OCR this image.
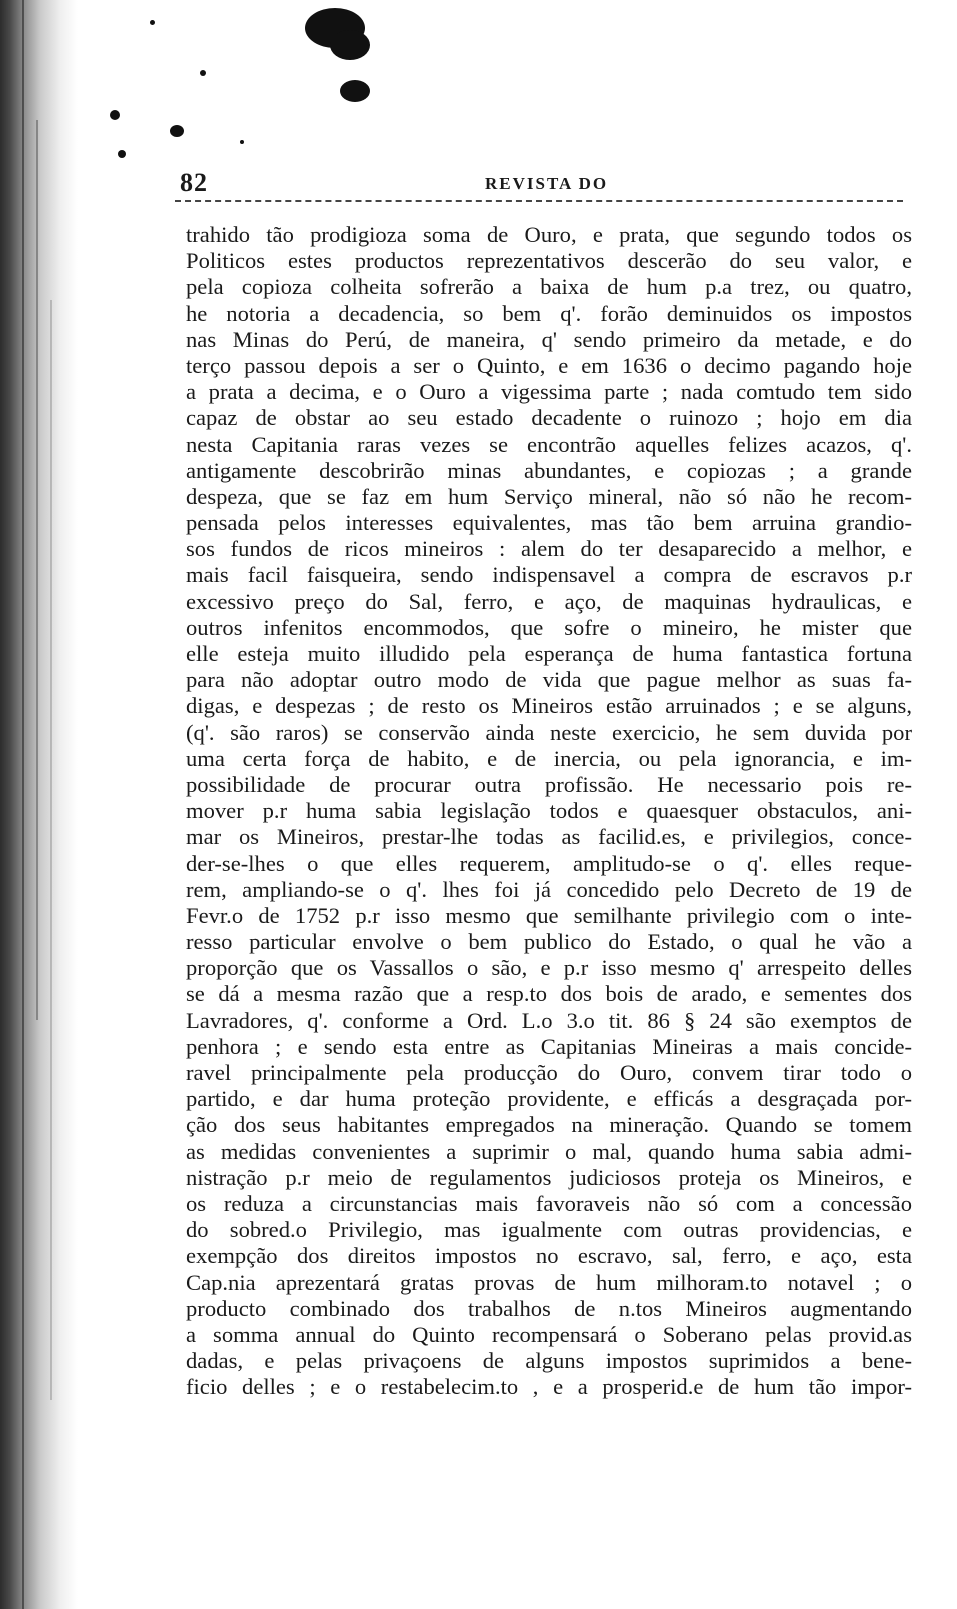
82	REVISTA DO

trahido tão prodigioza soma de Ouro, e prata, que segundo todos os

Politicos estes productos reprezentativos descerão do seu valor, e

pela copioza colheita sofrerão a baixa de hum p.a trez, ou quatro,

he notoria a decadencia, so bem q'. forão deminuidos os impostos

nas Minas do Perú, de maneira, q' sendo primeiro da metade, e do

terço passou depois a ser o Quinto, e em 1636 o decimo pagando hoje

a prata a decima, e o Ouro a vigessima parte ; nada comtudo tem sido

capaz de obstar ao seu estado decadente o ruinozo ; hojo em dia

nesta Capitania raras vezes se encontrão aquelles felizes acazos, q'.

antigamente descobrirão minas abundantes, e copiozas ; a grande

despeza, que se faz em hum Serviço mineral, não só não he recom-

pensada pelos interesses equivalentes, mas tão bem arruina grandio-

sos fundos de ricos mineiros : alem do ter desaparecido a melhor, e

mais facil faisqueira, sendo indispensavel a compra de escravos p.r

excessivo preço do Sal, ferro, e aço, de maquinas hydraulicas, e

outros infenitos encommodos, que sofre o mineiro, he mister que

elle esteja muito illudido pela esperança de huma fantastica fortuna

para não adoptar outro modo de vida que pague melhor as suas fa-

digas, e despezas ; de resto os Mineiros estão arruinados ; e se alguns,

(q'. são raros) se conservão ainda neste exercicio, he sem duvida por

uma certa força de habito, e de inercia, ou pela ignorancia, e im-

possibilidade de procurar outra profissão. He necessario pois re-

mover p.r huma sabia legislação todos e quaesquer obstaculos, ani-

mar os Mineiros, prestar-lhe todas as facilid.es, e privilegios, conce-

der-se-lhes o que elles requerem, amplitudo-se o q'. elles reque-

rem, ampliando-se o q'. lhes foi já concedido pelo Decreto de 19 de

Fevr.o de 1752 p.r isso mesmo que semilhante privilegio com o inte-

resso particular envolve o bem publico do Estado, o qual he vão a

proporção que os Vassallos o são, e p.r isso mesmo q' arrespeito delles

se dá a mesma razão que a resp.to dos bois de arado, e sementes dos

Lavradores, q'. conforme a Ord. L.o 3.o tit. 86 § 24 são exemptos de

penhora ; e sendo esta entre as Capitanias Mineiras a mais concide-

ravel principalmente pela producção do Ouro, convem tirar todo o

partido, e dar huma proteção providente, e efficás a desgraçada por-

ção dos seus habitantes empregados na mineração. Quando se tomem

as medidas convenientes a suprimir o mal, quando huma sabia admi-

nistração p.r meio de regulamentos judiciosos proteja os Mineiros, e

os reduza a circunstancias mais favoraveis não só com a concessão

do sobred.o Privilegio, mas igualmente com outras providencias, e

exempção dos direitos impostos no escravo, sal, ferro, e aço, esta

Cap.nia aprezentará gratas provas de hum milhoram.to notavel ; o

producto combinado dos trabalhos de n.tos Mineiros augmentando

a somma annual do Quinto recompensará o Soberano pelas provid.as

dadas, e pelas privaçoens de alguns impostos suprimidos a bene-

ficio delles ; e o restabelecim.to , e a prosperid.e de hum tão impor-
